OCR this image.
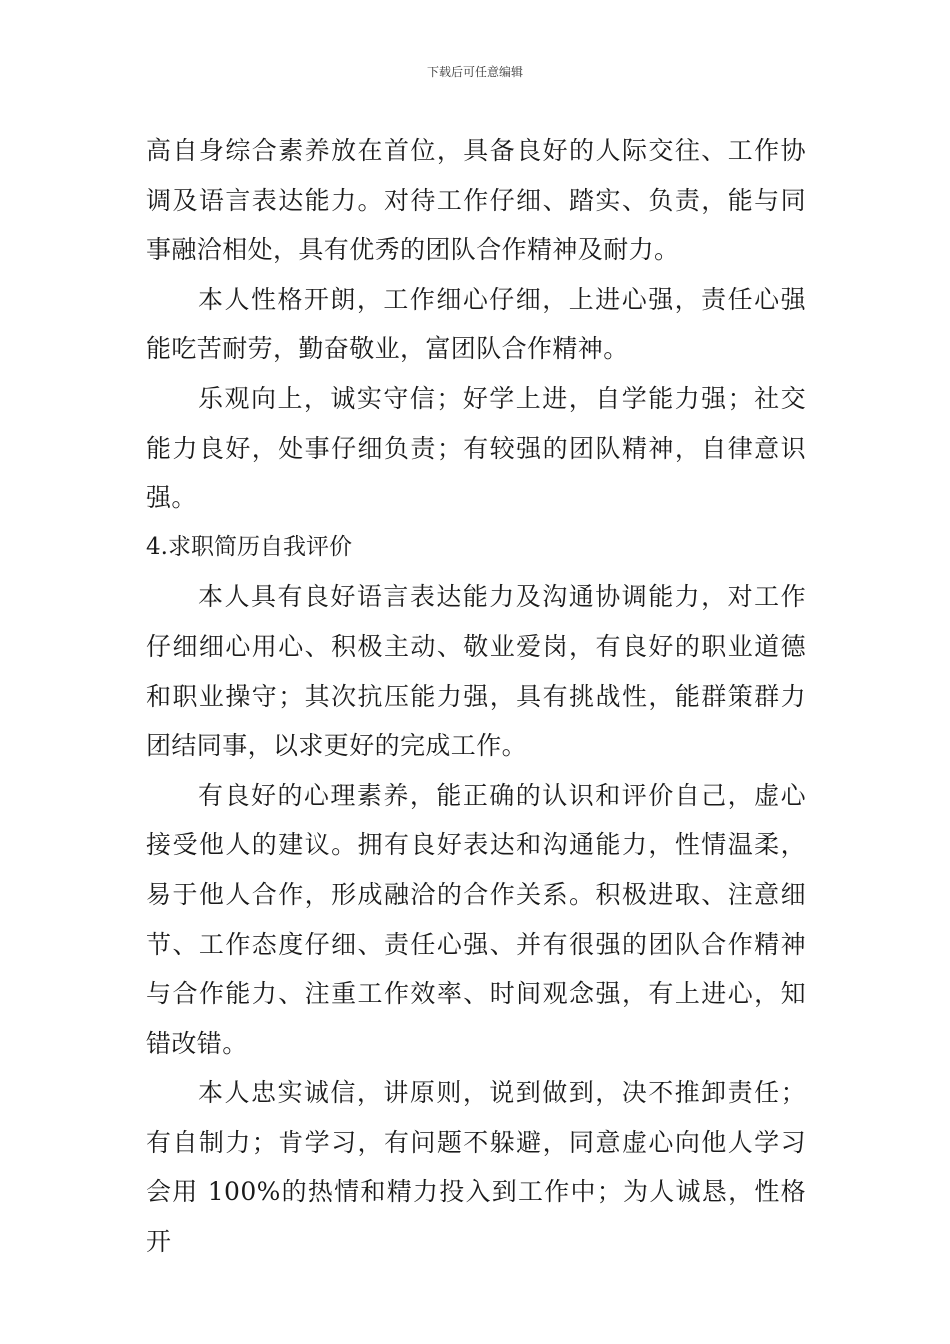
下载后可任意编辑

高自身综合素养放在首位，具备良好的人际交往、工作协调及语言表达能力。对待工作仔细、踏实、负责，能与同事融洽相处，具有优秀的团队合作精神及耐力。

本人性格开朗，工作细心仔细，上进心强，责任心强能吃苦耐劳，勤奋敬业，富团队合作精神。

乐观向上，诚实守信；好学上进，自学能力强；社交能力良好，处事仔细负责；有较强的团队精神，自律意识强。

4.求职简历自我评价

本人具有良好语言表达能力及沟通协调能力，对工作仔细细心用心、积极主动、敬业爱岗，有良好的职业道德和职业操守；其次抗压能力强，具有挑战性，能群策群力团结同事，以求更好的完成工作。

有良好的心理素养，能正确的认识和评价自己，虚心接受他人的建议。拥有良好表达和沟通能力，性情温柔，易于他人合作，形成融洽的合作关系。积极进取、注意细节、工作态度仔细、责任心强、并有很强的团队合作精神与合作能力、注重工作效率、时间观念强，有上进心，知错改错。

本人忠实诚信，讲原则，说到做到，决不推卸责任；有自制力；肯学习，有问题不躲避，同意虚心向他人学习会用 100%的热情和精力投入到工作中；为人诚恳，性格开
